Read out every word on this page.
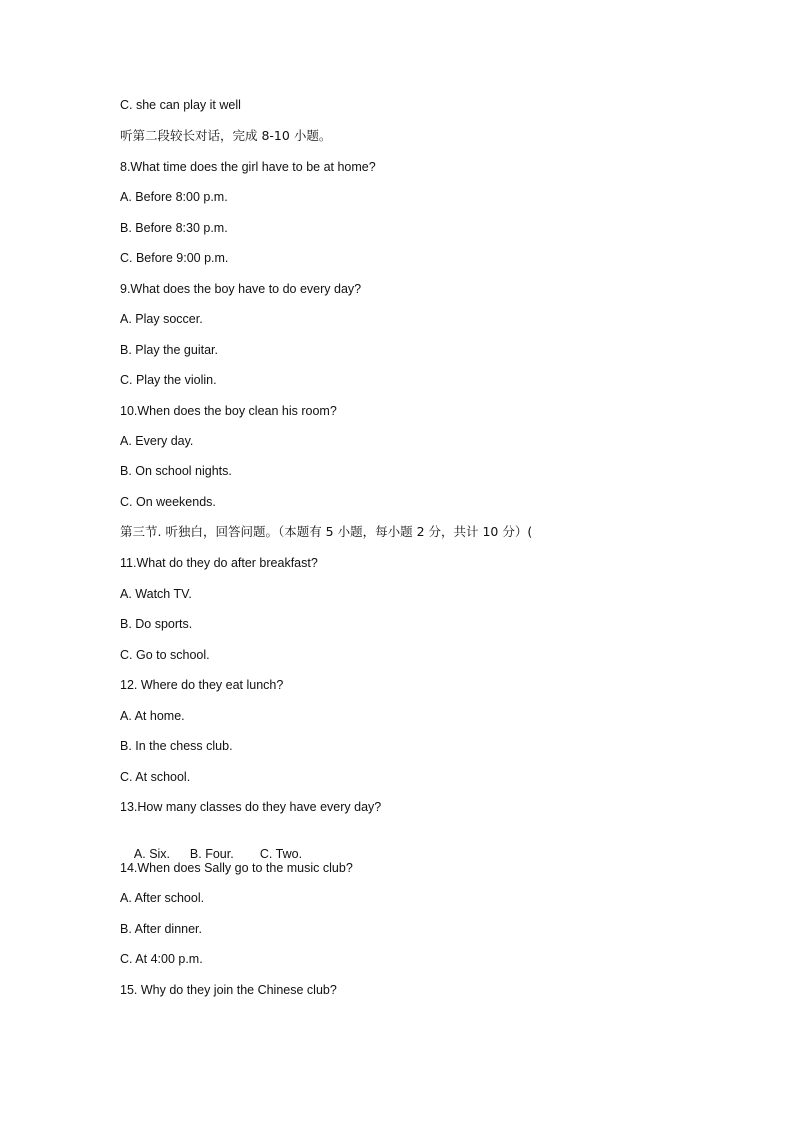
C. she can play it well
听第二段较长对话，完成 8-10 小题。
8.What time does the girl have to be at home?
A. Before 8:00 p.m.
B. Before 8:30 p.m.
C. Before 9:00 p.m.
9.What does the boy have to do every day?
A. Play soccer.
B. Play the guitar.
C. Play the violin.
10.When does the boy clean his room?
A. Every day.
B. On school nights.
C. On weekends.
第三节. 听独白，回答问题。（本题有 5 小题，每小题 2 分，共计 10 分）(
11.What do they do after breakfast?
A. Watch TV.
B. Do sports.
C. Go to school.
12. Where do they eat lunch?
A. At home.
B. In the chess club.
C. At school.
13.How many classes do they have every day?

A. Six. B. Four. C. Two.

14.When does Sally go to the music club?
A. After school.
B. After dinner.
C. At 4:00 p.m.
15. Why do they join the Chinese club?
